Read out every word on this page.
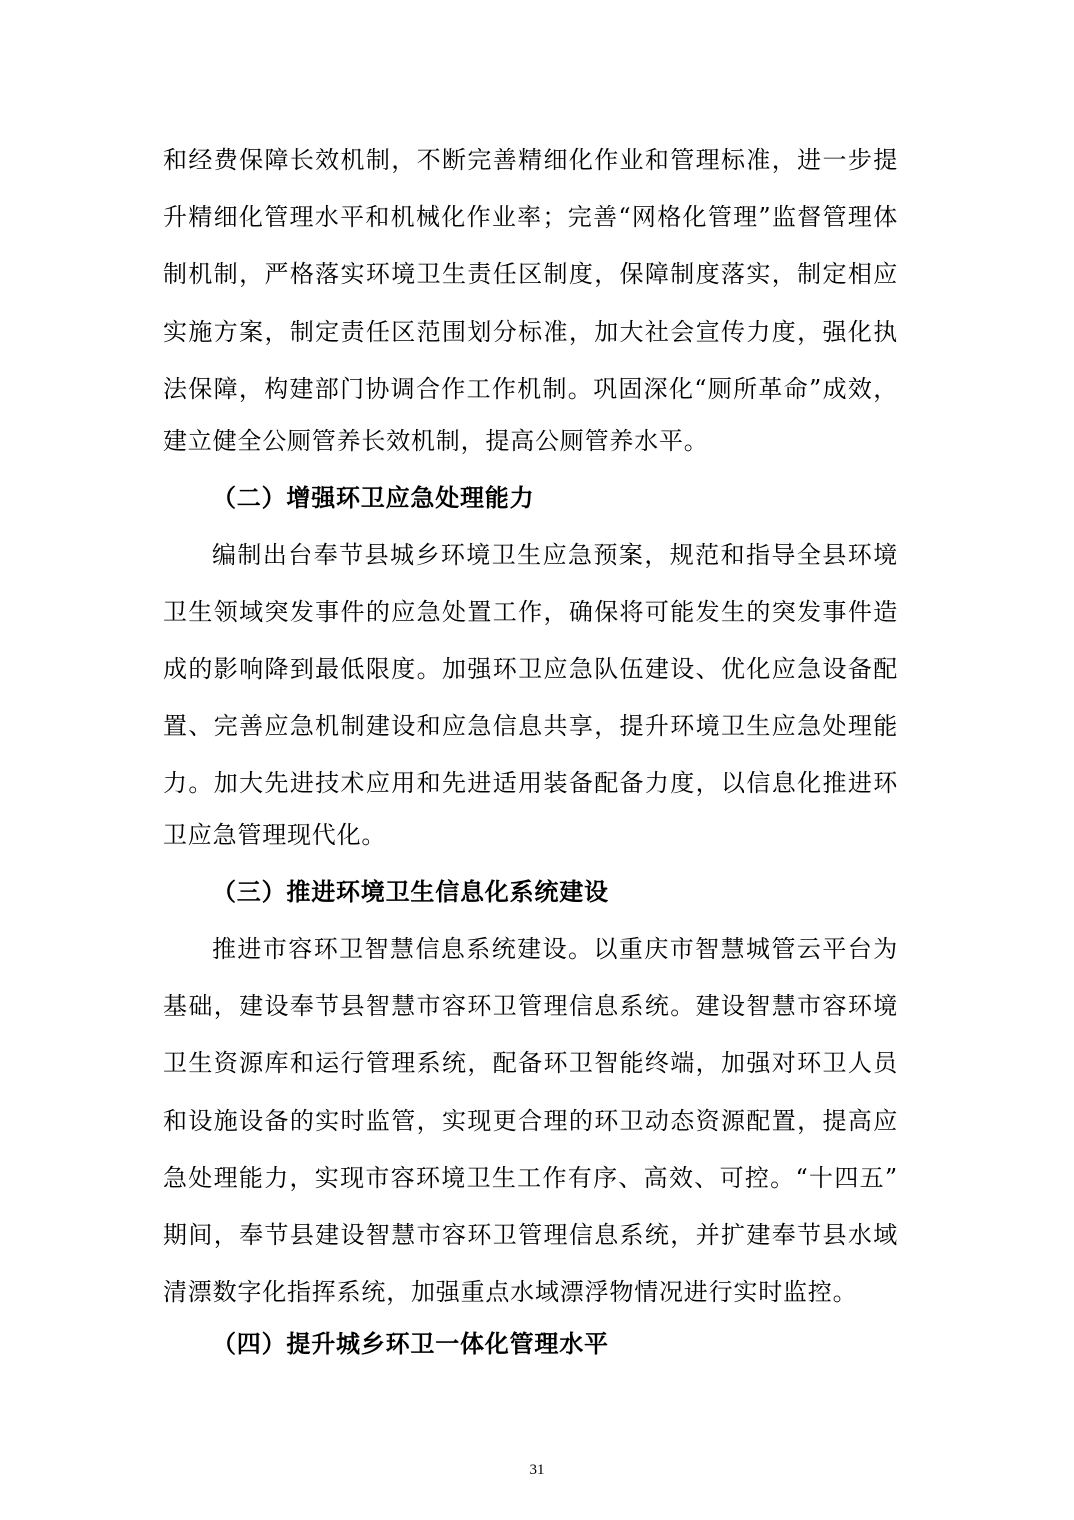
和经费保障长效机制，不断完善精细化作业和管理标准，进一步提
升精细化管理水平和机械化作业率；完善“网格化管理”监督管理体
制机制，严格落实环境卫生责任区制度，保障制度落实，制定相应
实施方案，制定责任区范围划分标准，加大社会宣传力度，强化执
法保障，构建部门协调合作工作机制。巩固深化“厕所革命”成效，
建立健全公厕管养长效机制，提高公厕管养水平。
（二）增强环卫应急处理能力
编制出台奉节县城乡环境卫生应急预案，规范和指导全县环境
卫生领域突发事件的应急处置工作，确保将可能发生的突发事件造
成的影响降到最低限度。加强环卫应急队伍建设、优化应急设备配
置、完善应急机制建设和应急信息共享，提升环境卫生应急处理能
力。加大先进技术应用和先进适用装备配备力度，以信息化推进环
卫应急管理现代化。
（三）推进环境卫生信息化系统建设
推进市容环卫智慧信息系统建设。以重庆市智慧城管云平台为
基础，建设奉节县智慧市容环卫管理信息系统。建设智慧市容环境
卫生资源库和运行管理系统，配备环卫智能终端，加强对环卫人员
和设施设备的实时监管，实现更合理的环卫动态资源配置，提高应
急处理能力，实现市容环境卫生工作有序、高效、可控。“十四五”
期间，奉节县建设智慧市容环卫管理信息系统，并扩建奉节县水域
清漂数字化指挥系统，加强重点水域漂浮物情况进行实时监控。
（四）提升城乡环卫一体化管理水平
31
